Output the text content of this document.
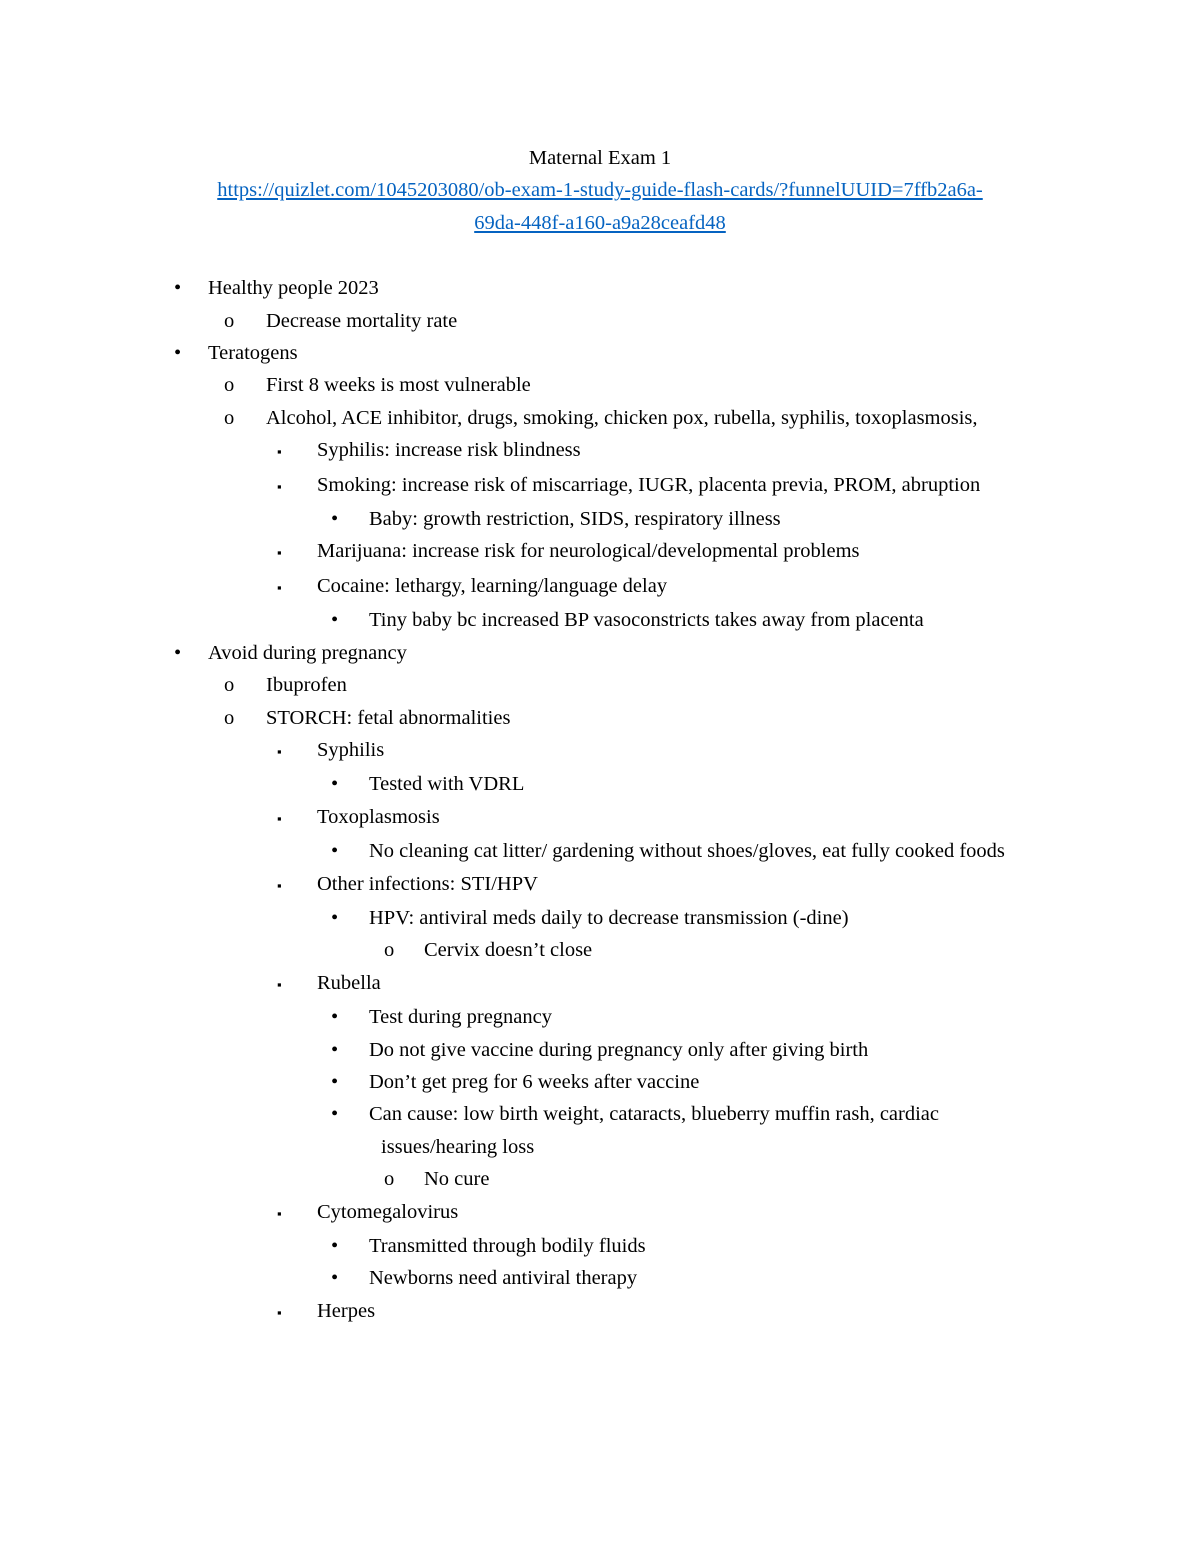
Maternal Exam 1
https://quizlet.com/1045203080/ob-exam-1-study-guide-flash-cards/?funnelUUID=7ffb2a6a-
69da-448f-a160-a9a28ceafd48
• Healthy people 2023
o Decrease mortality rate
• Teratogens
o First 8 weeks is most vulnerable
o Alcohol, ACE inhibitor, drugs, smoking, chicken pox, rubella, syphilis, toxoplasmosis,
▪ Syphilis: increase risk blindness
▪ Smoking: increase risk of miscarriage, IUGR, placenta previa, PROM, abruption
• Baby: growth restriction, SIDS, respiratory illness
▪ Marijuana: increase risk for neurological/developmental problems
▪ Cocaine: lethargy, learning/language delay
• Tiny baby bc increased BP vasoconstricts takes away from placenta
• Avoid during pregnancy
o Ibuprofen
o STORCH: fetal abnormalities
▪ Syphilis
• Tested with VDRL
▪ Toxoplasmosis
• No cleaning cat litter/ gardening without shoes/gloves, eat fully cooked foods
▪ Other infections: STI/HPV
• HPV: antiviral meds daily to decrease transmission (-dine)
o Cervix doesn’t close
▪ Rubella
• Test during pregnancy
• Do not give vaccine during pregnancy only after giving birth
• Don’t get preg for 6 weeks after vaccine
• Can cause: low birth weight, cataracts, blueberry muffin rash, cardiac issues/hearing loss
o No cure
▪ Cytomegalovirus
• Transmitted through bodily fluids
• Newborns need antiviral therapy
▪ Herpes
